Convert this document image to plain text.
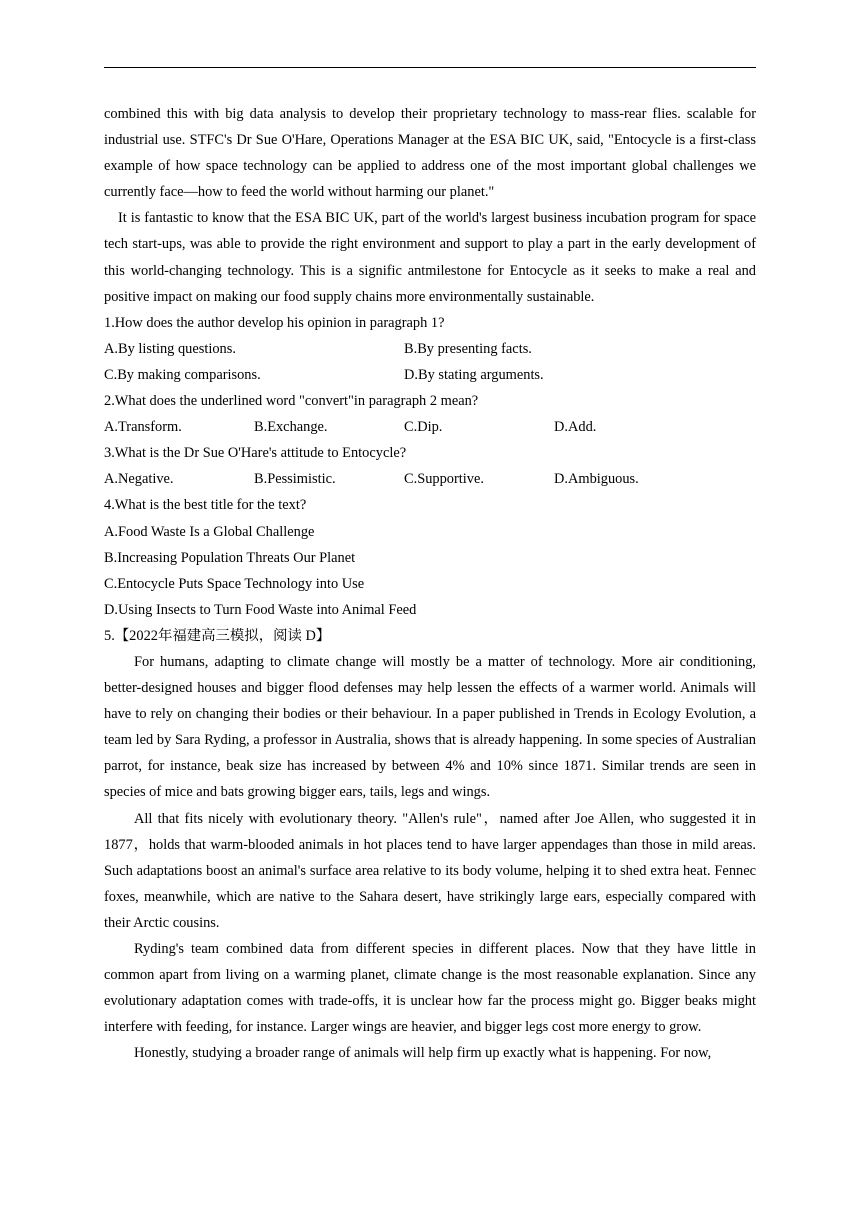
combined this with big data analysis to develop their proprietary technology to mass-rear flies. scalable for industrial use. STFC's Dr Sue O'Hare, Operations Manager at the ESA BIC UK, said, "Entocycle is a first-class example of how space technology can be applied to address one of the most important global challenges we currently face—how to feed the world without harming our planet."

It is fantastic to know that the ESA BIC UK, part of the world's largest business incubation program for space tech start-ups, was able to provide the right environment and support to play a part in the early development of this world-changing technology. This is a signific antmilestone for Entocycle as it seeks to make a real and positive impact on making our food supply chains more environmentally sustainable.

1.How does the author develop his opinion in paragraph 1?

A.By listing questions.	B.By presenting facts.
C.By making comparisons.	D.By stating arguments.

2.What does the underlined word "convert"in paragraph 2 mean?

A.Transform.	B.Exchange.	C.Dip.	D.Add.

3.What is the Dr Sue O'Hare's attitude to Entocycle?

A.Negative.	B.Pessimistic.	C.Supportive.	D.Ambiguous.

4.What is the best title for the text?

A.Food Waste Is a Global Challenge

B.Increasing Population Threats Our Planet

C.Entocycle Puts Space Technology into Use

D.Using Insects to Turn Food Waste into Animal Feed

5.【2022年福建高三模拟，阅读 D】

For humans, adapting to climate change will mostly be a matter of technology. More air conditioning, better-designed houses and bigger flood defenses may help lessen the effects of a warmer world. Animals will have to rely on changing their bodies or their behaviour. In a paper published in Trends in Ecology Evolution, a team led by Sara Ryding, a professor in Australia, shows that is already happening. In some species of Australian parrot, for instance, beak size has increased by between 4% and 10% since 1871. Similar trends are seen in species of mice and bats growing bigger ears, tails, legs and wings.

All that fits nicely with evolutionary theory. "Allen's rule"，named after Joe Allen, who suggested it in 1877，holds that warm-blooded animals in hot places tend to have larger appendages than those in mild areas. Such adaptations boost an animal's surface area relative to its body volume, helping it to shed extra heat. Fennec foxes, meanwhile, which are native to the Sahara desert, have strikingly large ears, especially compared with their Arctic cousins.

Ryding's team combined data from different species in different places. Now that they have little in common apart from living on a warming planet, climate change is the most reasonable explanation. Since any evolutionary adaptation comes with trade-offs, it is unclear how far the process might go. Bigger beaks might interfere with feeding, for instance. Larger wings are heavier, and bigger legs cost more energy to grow.

Honestly, studying a broader range of animals will help firm up exactly what is happening. For now,
